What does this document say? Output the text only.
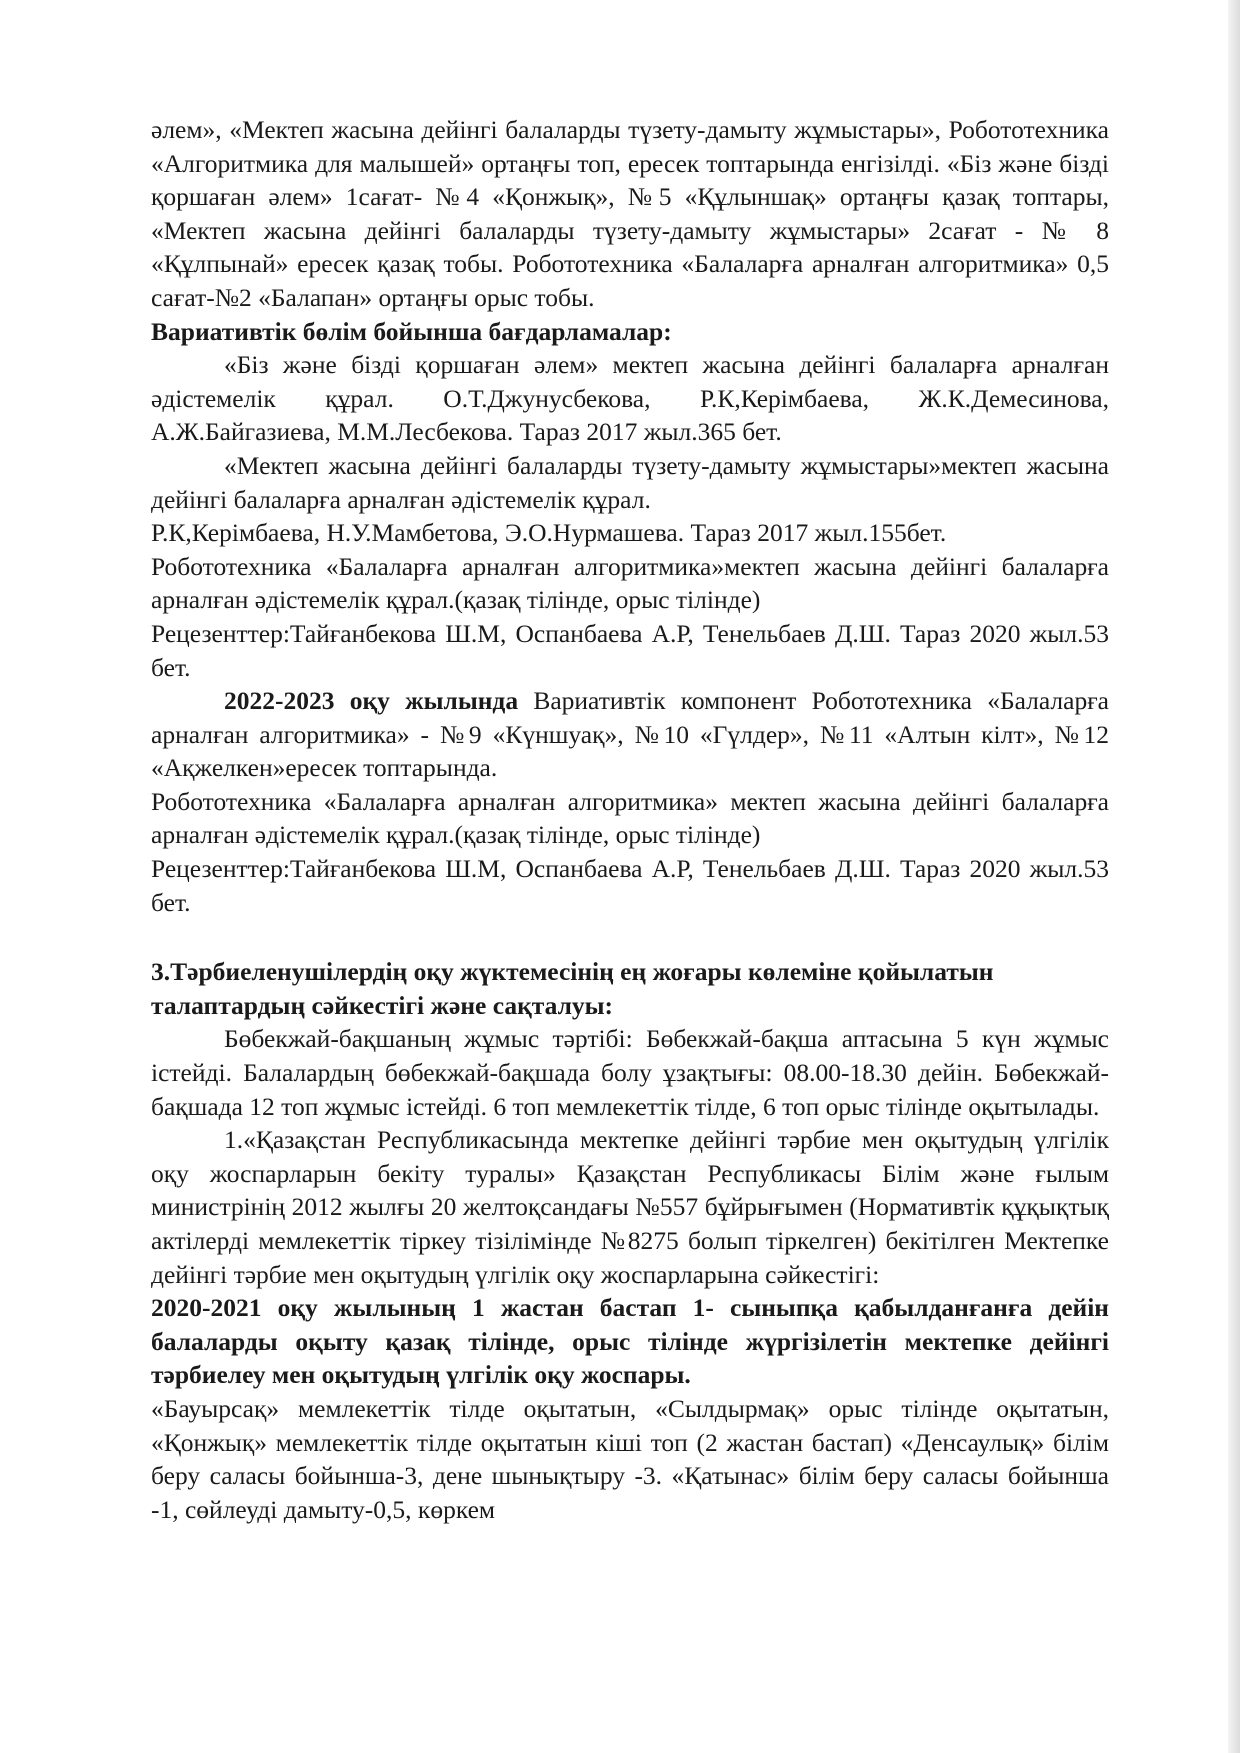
әлем», «Мектеп жасына дейінгі балаларды түзету-дамыту жұмыстары», Робототехника «Алгоритмика для малышей» ортаңғы топ, ересек топтарында енгізілді. «Біз және бізді қоршаған әлем» 1сағат- №4 «Қонжық», №5 «Құлыншақ» ортаңғы қазақ топтары, «Мектеп жасына дейінгі балаларды түзету-дамыту жұмыстары» 2сағат - № 8 «Құлпынай» ересек қазақ тобы. Робототехника «Балаларға арналған алгоритмика» 0,5 сағат-№2 «Балапан» ортаңғы орыс тобы.

Вариативтік бөлім бойынша бағдарламалар:

«Біз және бізді қоршаған әлем» мектеп жасына дейінгі балаларға арналған әдістемелік құрал. О.Т.Джунусбекова, Р.К,Керімбаева, Ж.К.Демесинова, А.Ж.Байгазиева, М.М.Лесбекова. Тараз 2017 жыл.365 бет.

«Мектеп жасына дейінгі балаларды түзету-дамыту жұмыстары»мектеп жасына дейінгі балаларға арналған әдістемелік құрал.

Р.К,Керімбаева, Н.У.Мамбетова, Э.О.Нурмашева. Тараз 2017 жыл.155бет.

Робототехника «Балаларға арналған алгоритмика»мектеп жасына дейінгі балаларға арналған әдістемелік құрал.(қазақ тілінде, орыс тілінде)

Рецезенттер:Тайғанбекова Ш.М, Оспанбаева А.Р, Тенельбаев Д.Ш. Тараз 2020 жыл.53 бет.

2022-2023 оқу жылында Вариативтік компонент Робототехника «Балаларға арналған алгоритмика» - №9 «Күншуақ», №10 «Гүлдер», №11 «Алтын кілт», №12 «Ақжелкен»ересек топтарында.

Робототехника «Балаларға арналған алгоритмика» мектеп жасына дейінгі балаларға арналған әдістемелік құрал.(қазақ тілінде, орыс тілінде)

Рецезенттер:Тайғанбекова Ш.М, Оспанбаева А.Р, Тенельбаев Д.Ш. Тараз 2020 жыл.53 бет.

3.Тәрбиеленушілердің оқу жүктемесінің ең жоғары көлеміне қойылатын талаптардың сәйкестігі және сақталуы:

Бөбекжай-бақшаның жұмыс тәртібі: Бөбекжай-бақша аптасына 5 күн жұмыс істейді. Балалардың бөбекжай-бақшада болу ұзақтығы: 08.00-18.30 дейін. Бөбекжай-бақшада 12 топ жұмыс істейді. 6 топ мемлекеттік тілде, 6 топ орыс тілінде оқытылады.

1.«Қазақстан Республикасында мектепке дейінгі тәрбие мен оқытудың үлгілік оқу жоспарларын бекіту туралы» Қазақстан Республикасы Білім және ғылым министрінің 2012 жылғы 20 желтоқсандағы №557 бұйрығымен (Нормативтік құқықтық актілерді мемлекеттік тіркеу тізілімінде №8275 болып тіркелген) бекітілген Мектепке дейінгі тәрбие мен оқытудың үлгілік оқу жоспарларына сәйкестігі:

2020-2021 оқу жылының 1 жастан бастап 1- сыныпқа қабылданғанға дейін балаларды оқыту қазақ тілінде, орыс тілінде жүргізілетін мектепке дейінгі тәрбиелеу мен оқытудың үлгілік оқу жоспары.

«Бауырсақ» мемлекеттік тілде оқытатын, «Сылдырмақ» орыс тілінде оқытатын, «Қонжық» мемлекеттік тілде оқытатын кіші топ (2 жастан бастап) «Денсаулық» білім беру саласы бойынша-3, дене шынықтыру -3. «Қатынас» білім беру саласы бойынша -1, сөйлеуді дамыту-0,5, көркем
